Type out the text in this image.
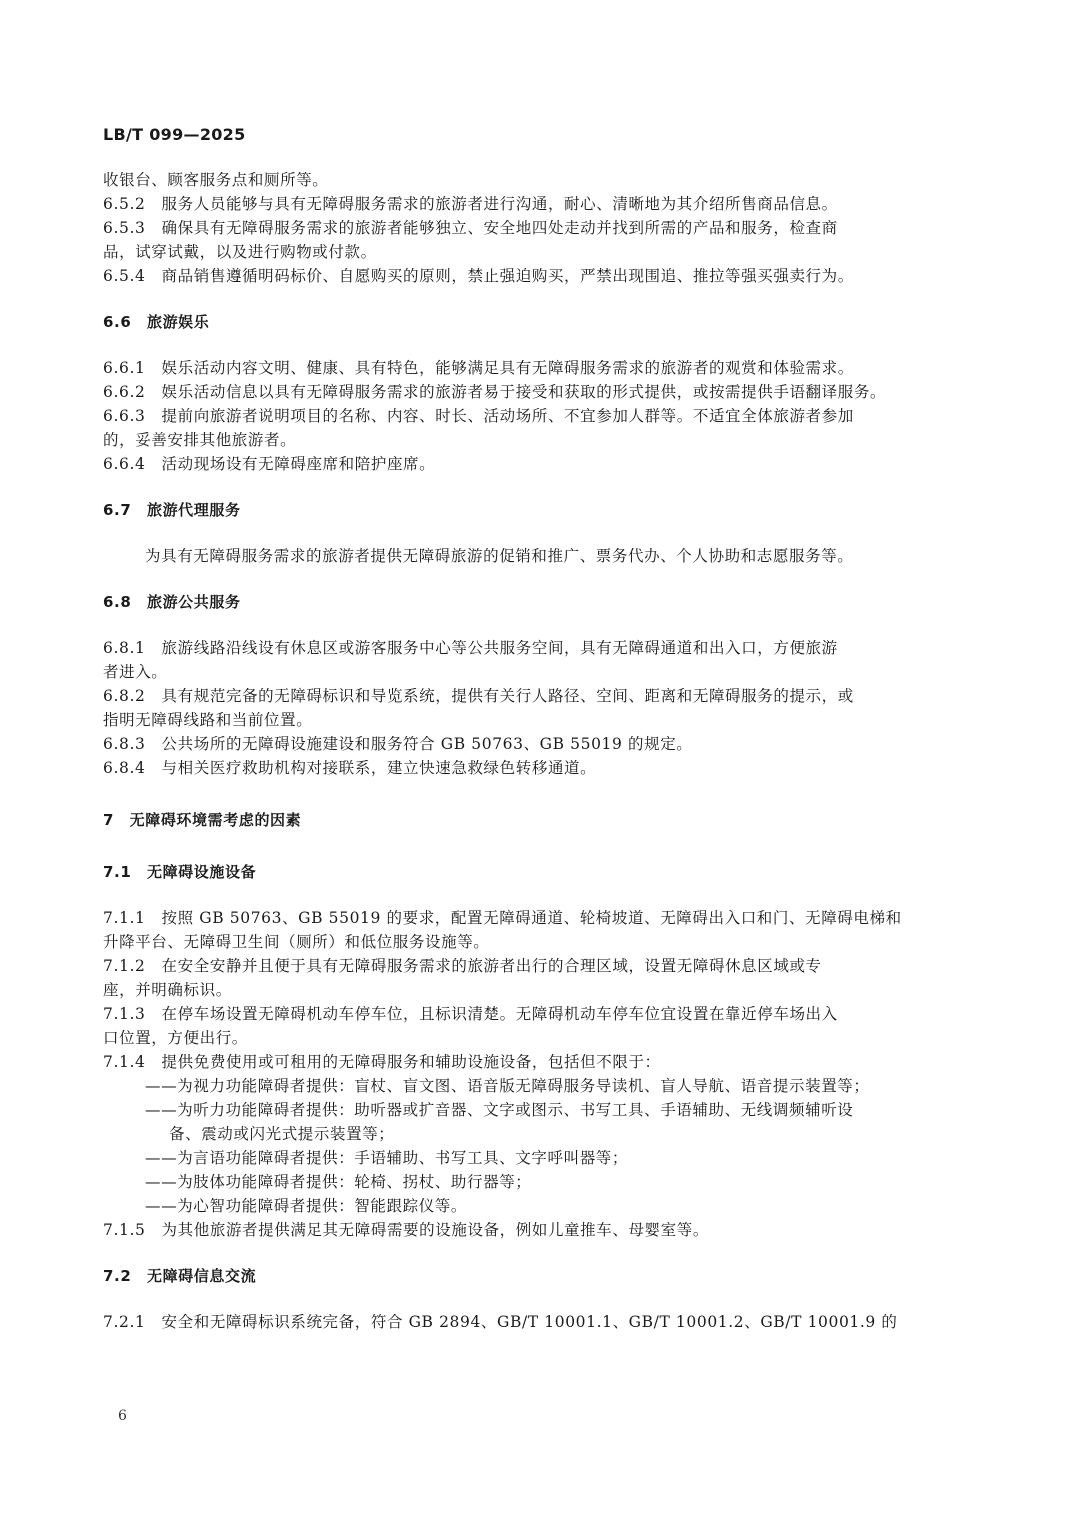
LB/T 099—2025
收银台、顾客服务点和厕所等。
6.5.2　服务人员能够与具有无障碍服务需求的旅游者进行沟通，耐心、清晰地为其介绍所售商品信息。
6.5.3　确保具有无障碍服务需求的旅游者能够独立、安全地四处走动并找到所需的产品和服务，检查商
品，试穿试戴，以及进行购物或付款。
6.5.4　商品销售遵循明码标价、自愿购买的原则，禁止强迫购买，严禁出现围追、推拉等强买强卖行为。
6.6　旅游娱乐
6.6.1　娱乐活动内容文明、健康、具有特色，能够满足具有无障碍服务需求的旅游者的观赏和体验需求。
6.6.2　娱乐活动信息以具有无障碍服务需求的旅游者易于接受和获取的形式提供，或按需提供手语翻译服务。
6.6.3　提前向旅游者说明项目的名称、内容、时长、活动场所、不宜参加人群等。不适宜全体旅游者参加
的，妥善安排其他旅游者。
6.6.4　活动现场设有无障碍座席和陪护座席。
6.7　旅游代理服务
为具有无障碍服务需求的旅游者提供无障碍旅游的促销和推广、票务代办、个人协助和志愿服务等。
6.8　旅游公共服务
6.8.1　旅游线路沿线设有休息区或游客服务中心等公共服务空间，具有无障碍通道和出入口，方便旅游
者进入。
6.8.2　具有规范完备的无障碍标识和导览系统，提供有关行人路径、空间、距离和无障碍服务的提示，或
指明无障碍线路和当前位置。
6.8.3　公共场所的无障碍设施建设和服务符合 GB 50763、GB 55019 的规定。
6.8.4　与相关医疗救助机构对接联系，建立快速急救绿色转移通道。
7　无障碍环境需考虑的因素
7.1　无障碍设施设备
7.1.1　按照 GB 50763、GB 55019 的要求，配置无障碍通道、轮椅坡道、无障碍出入口和门、无障碍电梯和
升降平台、无障碍卫生间（厕所）和低位服务设施等。
7.1.2　在安全安静并且便于具有无障碍服务需求的旅游者出行的合理区域，设置无障碍休息区域或专
座，并明确标识。
7.1.3　在停车场设置无障碍机动车停车位，且标识清楚。无障碍机动车停车位宜设置在靠近停车场出入
口位置，方便出行。
7.1.4　提供免费使用或可租用的无障碍服务和辅助设施设备，包括但不限于：
——为视力功能障碍者提供：盲杖、盲文图、语音版无障碍服务导读机、盲人导航、语音提示装置等；
——为听力功能障碍者提供：助听器或扩音器、文字或图示、书写工具、手语辅助、无线调频辅听设
备、震动或闪光式提示装置等；
——为言语功能障碍者提供：手语辅助、书写工具、文字呼叫器等；
——为肢体功能障碍者提供：轮椅、拐杖、助行器等；
——为心智功能障碍者提供：智能跟踪仪等。
7.1.5　为其他旅游者提供满足其无障碍需要的设施设备，例如儿童推车、母婴室等。
7.2　无障碍信息交流
7.2.1　安全和无障碍标识系统完备，符合 GB 2894、GB/T 10001.1、GB/T 10001.2、GB/T 10001.9 的
6
